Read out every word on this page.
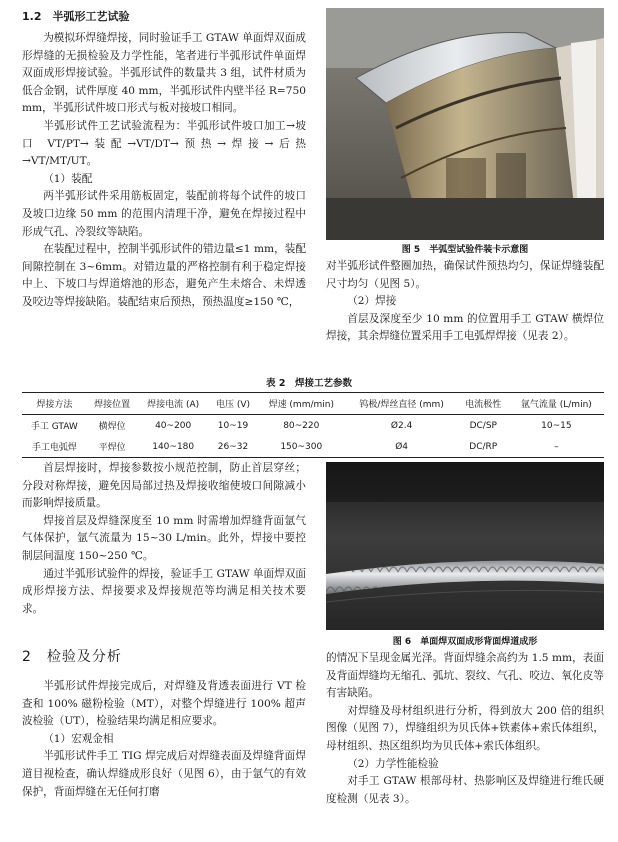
1.2　半弧形工艺试验

为模拟环焊缝焊接，同时验证手工 GTAW 单面焊双面成形焊缝的无损检验及力学性能，笔者进行半弧形试件单面焊双面成形焊接试验。半弧形试件的数量共 3 组，试件材质为低合金钢，试件厚度 40 mm，半弧形试件内壁半径 R=750 mm，半弧形试件坡口形式与板对接坡口相同。

半弧形试件工艺试验流程为：半弧形试件坡口加工→坡口 VT/PT→装配→VT/DT→预热→焊接→后热→VT/MT/UT。

（1）装配

两半弧形试件采用筋板固定，装配前将每个试件的坡口及坡口边缘 50 mm 的范围内清理干净，避免在焊接过程中形成气孔、冷裂纹等缺陷。

在装配过程中，控制半弧形试件的错边量≤1 mm，装配间隙控制在 3~6mm。对错边量的严格控制有利于稳定焊接中上、下坡口与焊道熔池的形态，避免产生未熔合、未焊透及咬边等焊接缺陷。装配结束后预热，预热温度≥150 ℃，

图 5　半弧型试验件装卡示意图

对半弧形试件整圈加热，确保试件预热均匀，保证焊缝装配尺寸均匀（见图 5）。

（2）焊接

首层及深度至少 10 mm 的位置用手工 GTAW 横焊位焊接，其余焊缝位置采用手工电弧焊焊接（见表 2）。

表 2　焊接工艺参数
焊接方法	焊接位置	焊接电流 (A)	电压 (V)	焊速 (mm/min)	钨极/焊丝直径 (mm)	电流极性	氩气流量 (L/min)
手工 GTAW	横焊位	40~200	10~19	80~220	Ø2.4	DC/SP	10~15
手工电弧焊	平焊位	140~180	26~32	150~300	Ø4	DC/RP	–

首层焊接时，焊接参数按小规范控制，防止首层穿丝；分段对称焊接，避免因局部过热及焊接收缩使坡口间隙减小而影响焊接质量。

焊接首层及焊缝深度至 10 mm 时需增加焊缝背面氩气气体保护，氩气流量为 15~30 L/min。此外，焊接中要控制层间温度 150~250 ℃。

通过半弧形试验件的焊接，验证手工 GTAW 单面焊双面成形焊接方法、焊接要求及焊接规范等均满足相关技术要求。

图 6　单面焊双面成形背面焊道成形
2　检验及分析

半弧形试件焊接完成后，对焊缝及背透表面进行 VT 检查和 100% 磁粉检验（MT），对整个焊缝进行 100% 超声波检验（UT），检验结果均满足相应要求。

（1）宏观金相

半弧形试件手工 TIG 焊完成后对焊缝表面及焊缝背面焊道目视检查，确认焊缝成形良好（见图 6），由于氩气的有效保护，背面焊缝在无任何打磨

的情况下呈现金属光泽。背面焊缝余高约为 1.5 mm，表面及背面焊缝均无缩孔、弧坑、裂纹、气孔、咬边、氧化皮等有害缺陷。

对焊缝及母材组织进行分析，得到放大 200 倍的组织图像（见图 7），焊缝组织为贝氏体+铁素体+索氏体组织，母材组织、热区组织均为贝氏体+索氏体组织。

（2）力学性能检验

对手工 GTAW 根部母材、热影响区及焊缝进行维氏硬度检测（见表 3）。
